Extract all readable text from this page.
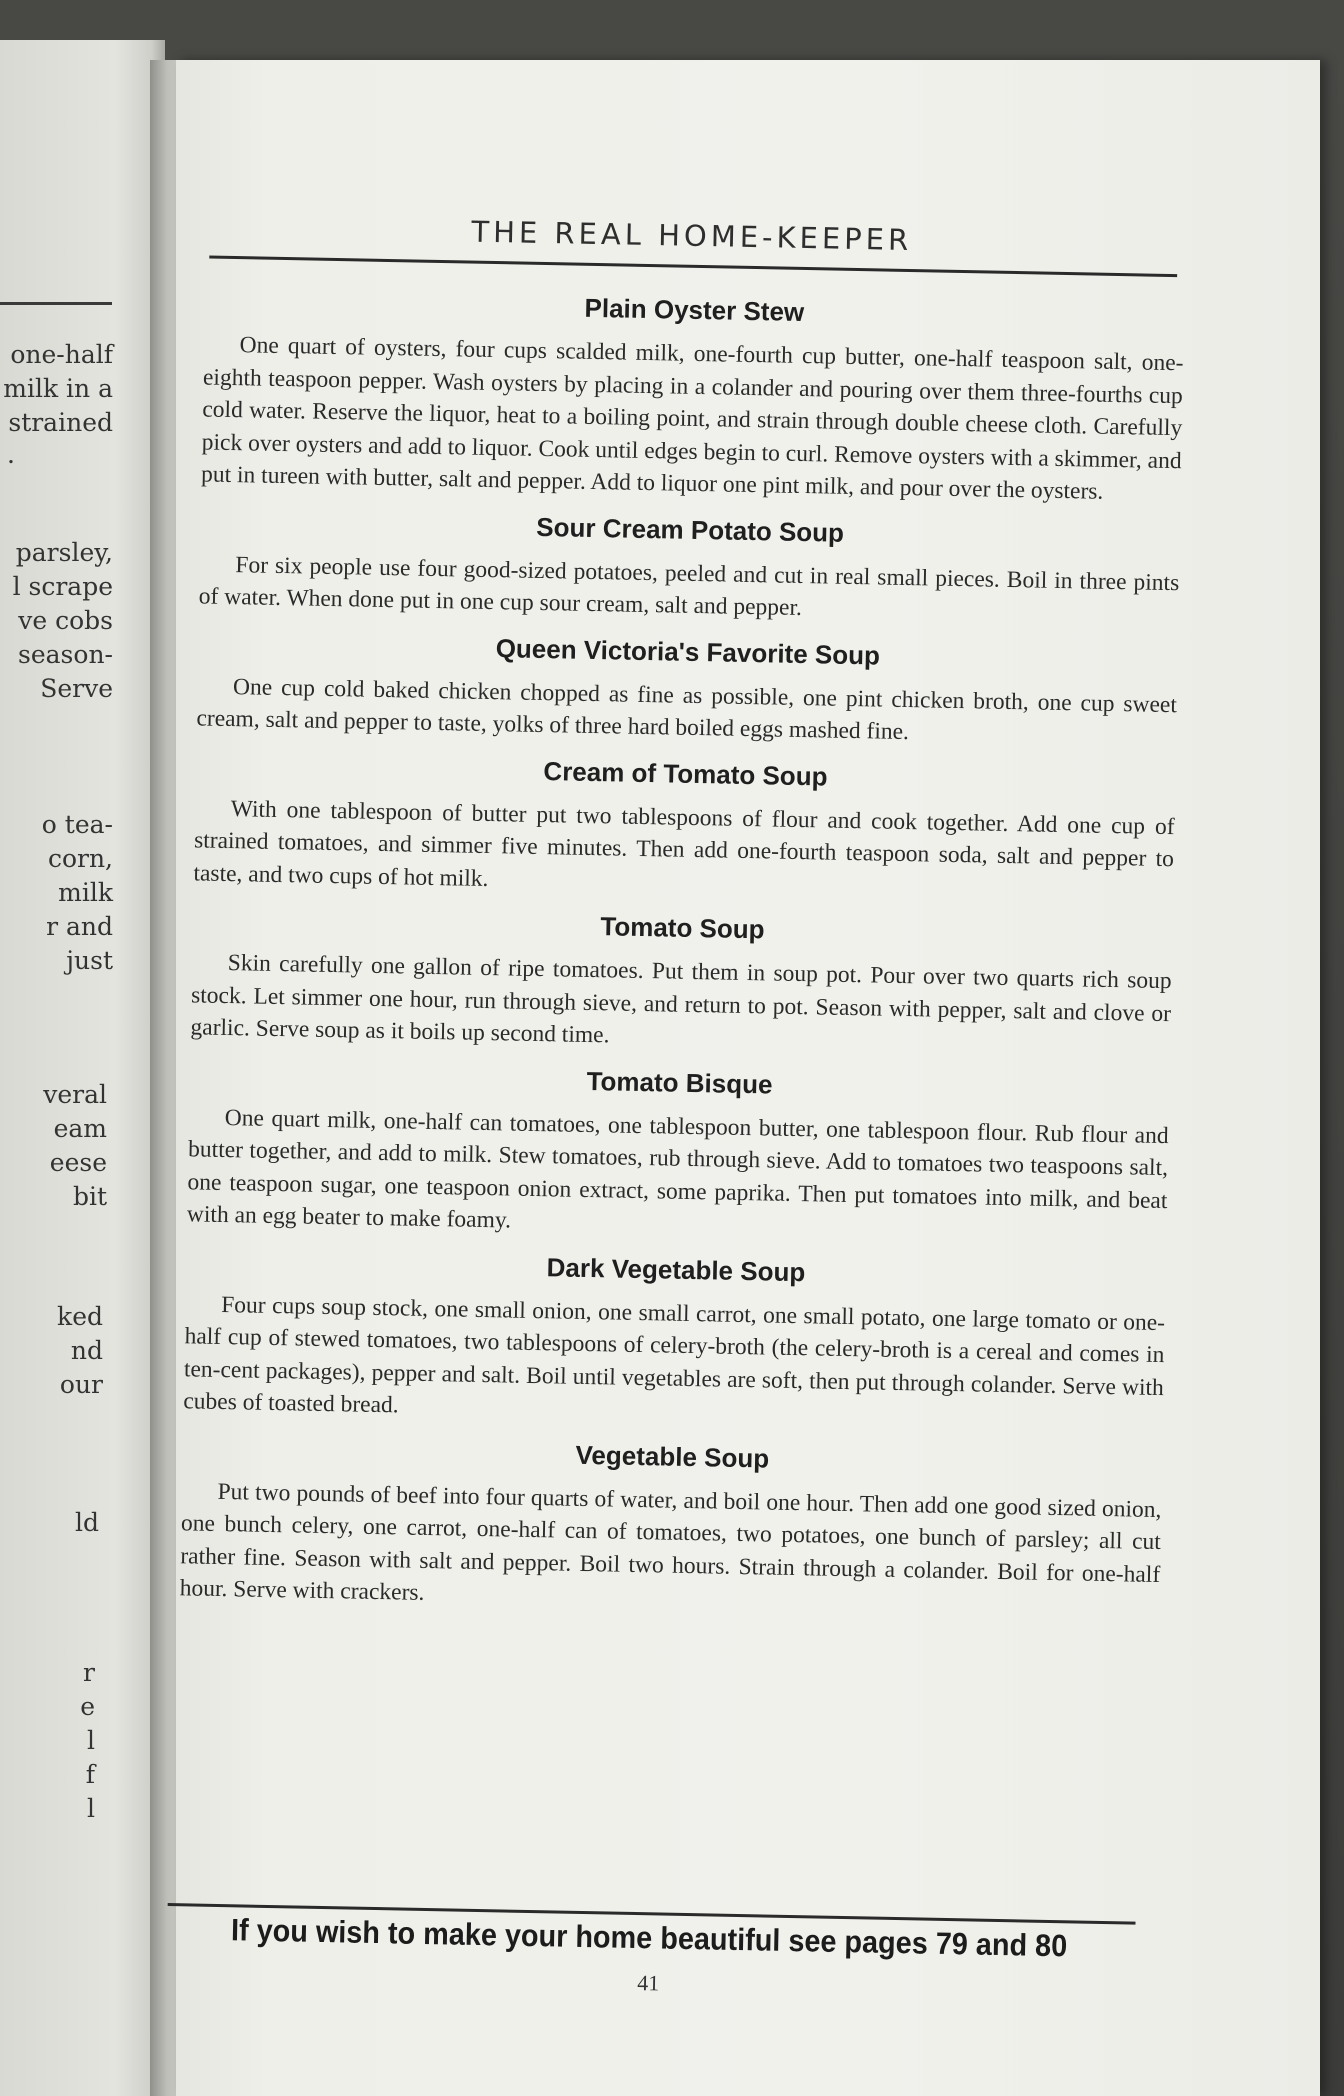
one-half
milk in a
strained
.
parsley,
l scrape
ve cobs
season-
Serve
o tea-
corn,
milk
r and
just
veral
eam
eese
bit
ked
nd
our
ld
r
e
l
f
l
THE REAL HOME-KEEPER
Plain Oyster Stew

One quart of oysters, four cups scalded milk, one-fourth cup butter, one-half teaspoon salt, one-eighth teaspoon pepper. Wash oysters by placing in a colander and pouring over them three-fourths cup cold water. Reserve the liquor, heat to a boiling point, and strain through double cheese cloth. Carefully pick over oysters and add to liquor. Cook until edges begin to curl. Remove oysters with a skimmer, and put in tureen with butter, salt and pepper. Add to liquor one pint milk, and pour over the oysters.

Sour Cream Potato Soup

For six people use four good-sized potatoes, peeled and cut in real small pieces. Boil in three pints of water. When done put in one cup sour cream, salt and pepper.

Queen Victoria's Favorite Soup

One cup cold baked chicken chopped as fine as possible, one pint chicken broth, one cup sweet cream, salt and pepper to taste, yolks of three hard boiled eggs mashed fine.

Cream of Tomato Soup

With one tablespoon of butter put two tablespoons of flour and cook together. Add one cup of strained tomatoes, and simmer five minutes. Then add one-fourth teaspoon soda, salt and pepper to taste, and two cups of hot milk.

Tomato Soup

Skin carefully one gallon of ripe tomatoes. Put them in soup pot. Pour over two quarts rich soup stock. Let simmer one hour, run through sieve, and return to pot. Season with pepper, salt and clove or garlic. Serve soup as it boils up second time.

Tomato Bisque

One quart milk, one-half can tomatoes, one tablespoon butter, one tablespoon flour. Rub flour and butter together, and add to milk. Stew tomatoes, rub through sieve. Add to tomatoes two teaspoons salt, one teaspoon sugar, one teaspoon onion extract, some paprika. Then put tomatoes into milk, and beat with an egg beater to make foamy.

Dark Vegetable Soup

Four cups soup stock, one small onion, one small carrot, one small potato, one large tomato or one-half cup of stewed tomatoes, two tablespoons of celery-broth (the celery-broth is a cereal and comes in ten-cent packages), pepper and salt. Boil until vegetables are soft, then put through colander. Serve with cubes of toasted bread.

Vegetable Soup

Put two pounds of beef into four quarts of water, and boil one hour. Then add one good sized onion, one bunch celery, one carrot, one-half can of tomatoes, two potatoes, one bunch of parsley; all cut rather fine. Season with salt and pepper. Boil two hours. Strain through a colander. Boil for one-half hour. Serve with crackers.

If you wish to make your home beautiful see pages 79 and 80
41
